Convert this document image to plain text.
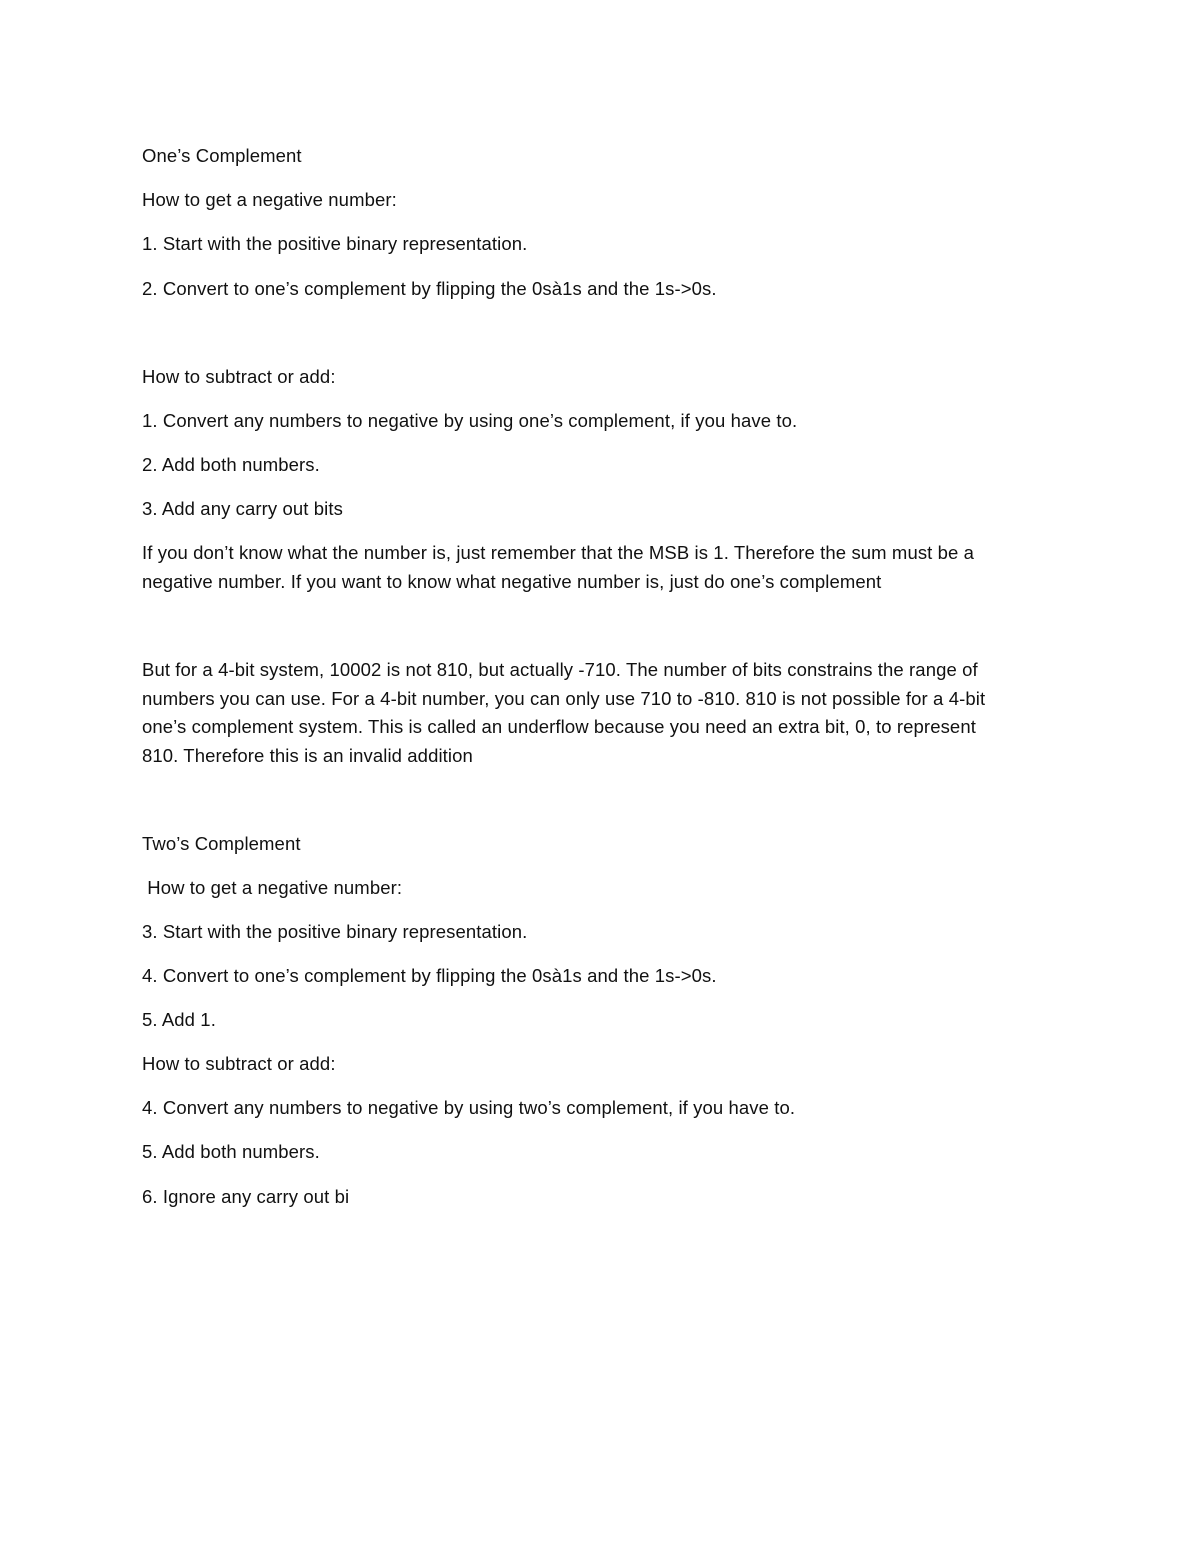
One’s Complement
How to get a negative number:
1. Start with the positive binary representation.
2. Convert to one’s complement by flipping the 0sà1s and the 1s->0s.
How to subtract or add:
1. Convert any numbers to negative by using one’s complement, if you have to.
2. Add both numbers.
3. Add any carry out bits
If you don’t know what the number is, just remember that the MSB is 1. Therefore the sum must be a
negative number. If you want to know what negative number is, just do one’s complement
But for a 4-bit system, 10002 is not 810, but actually -710. The number of bits constrains the range of
numbers you can use. For a 4-bit number, you can only use 710 to -810. 810 is not possible for a 4-bit
one’s complement system. This is called an underflow because you need an extra bit, 0, to represent
810. Therefore this is an invalid addition
Two’s Complement
How to get a negative number:
3. Start with the positive binary representation.
4. Convert to one’s complement by flipping the 0sà1s and the 1s->0s.
5. Add 1.
How to subtract or add:
4. Convert any numbers to negative by using two’s complement, if you have to.
5. Add both numbers.
6. Ignore any carry out bi
